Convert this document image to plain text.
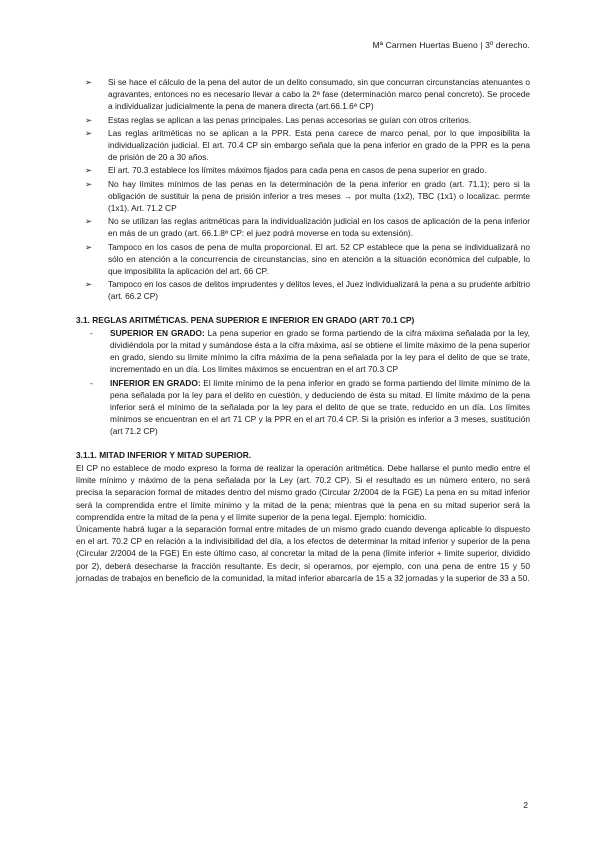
Mª Carmen Huertas Bueno | 3º derecho.
➢ Si se hace el cálculo de la pena del autor de un delito consumado, sin que concurran circunstancias atenuantes o agravantes, entonces no es necesario llevar a cabo la 2ª fase (determinación marco penal concreto). Se procede a individualizar judicialmente la pena de manera directa (art.66.1.6ª CP)
➢ Estas reglas se aplican a las penas principales. Las penas accesorias se guían con otros criterios.
➢ Las reglas aritméticas no se aplican a la PPR. Esta pena carece de marco penal, por lo que imposibilita la individualización judicial. El art. 70.4 CP sin embargo señala que la pena inferior en grado de la PPR es la pena de prisión de 20 a 30 años.
➢ El art. 70.3 establece los límites máximos fijados para cada pena en casos de pena superior en grado.
➢ No hay límites mínimos de las penas en la determinación de la pena inferior en grado (art. 71.1); pero si la obligación de sustituir la pena de prisión inferior a tres meses → por multa (1x2), TBC (1x1) o localizac. permte (1x1). Art. 71.2 CP
➢ No se utilizan las reglas aritméticas para la individualización judicial en los casos de aplicación de la pena inferior en más de un grado (art. 66.1.8ª CP: el juez podrá moverse en toda su extensión).
➢ Tampoco en los casos de pena de multa proporcional. El art. 52 CP establece que la pena se individualizará no sólo en atención a la concurrencia de circunstancias, sino en atención a la situación económica del culpable, lo que imposibilita la aplicación del art. 66 CP.
➢ Tampoco en los casos de delitos imprudentes y delitos leves, el Juez individualizará la pena a su prudente arbitrio (art. 66.2 CP)
3.1. REGLAS ARITMÉTICAS. PENA SUPERIOR E INFERIOR EN GRADO (ART 70.1 CP)
- SUPERIOR EN GRADO: La pena superior en grado se forma partiendo de la cifra máxima señalada por la ley, dividiéndola por la mitad y sumándose ésta a la cifra máxima, así se obtiene el límite máximo de la pena superior en grado, siendo su límite mínimo la cifra máxima de la pena señalada por la ley para el delito de que se trate, incrementado en un día. Los límites máximos se encuentran en el art 70.3 CP
- INFERIOR EN GRADO: El límite mínimo de la pena inferior en grado se forma partiendo del límite mínimo de la pena señalada por la ley para el delito en cuestión, y deduciendo de ésta su mitad. El límite máximo de la pena inferior será el mínimo de la señalada por la ley para el delito de que se trate, reducido en un día. Los límites mínimos se encuentran en el art 71 CP y la PPR en el art 70.4 CP. Si la prisión es inferior a 3 meses, sustitución (art 71.2 CP)
3.1.1. MITAD INFERIOR Y MITAD SUPERIOR.

El CP no establece de modo expreso la forma de realizar la operación aritmética. Debe hallarse el punto medio entre el límite mínimo y máximo de la pena señalada por la Ley (art. 70.2 CP). Si el resultado es un número entero, no será precisa la separacion formal de mitades dentro del mismo grado (Circular 2/2004 de la FGE) La pena en su mitad inferior será la comprendida entre el límite mínimo y la mitad de la pena; mientras que la pena en su mitad superior será la comprendida entre la mitad de la pena y el límite superior de la pena legal. Ejemplo: homicidio.

Únicamente habrá lugar a la separación formal entre mitades de un mismo grado cuando devenga aplicable lo dispuesto en el art. 70.2 CP en relación a la indivisibilidad del día, a los efectos de determinar la mitad inferior y superior de la pena (Circular 2/2004 de la FGE) En este último caso, al concretar la mitad de la pena (límite inferior + límite superior, dividido por 2), deberá desecharse la fracción resultante. Es decir, si operamos, por ejemplo, con una pena de entre 15 y 50 jornadas de trabajos en beneficio de la comunidad, la mitad inferior abarcaría de 15 a 32 jornadas y la superior de 33 a 50.

2
